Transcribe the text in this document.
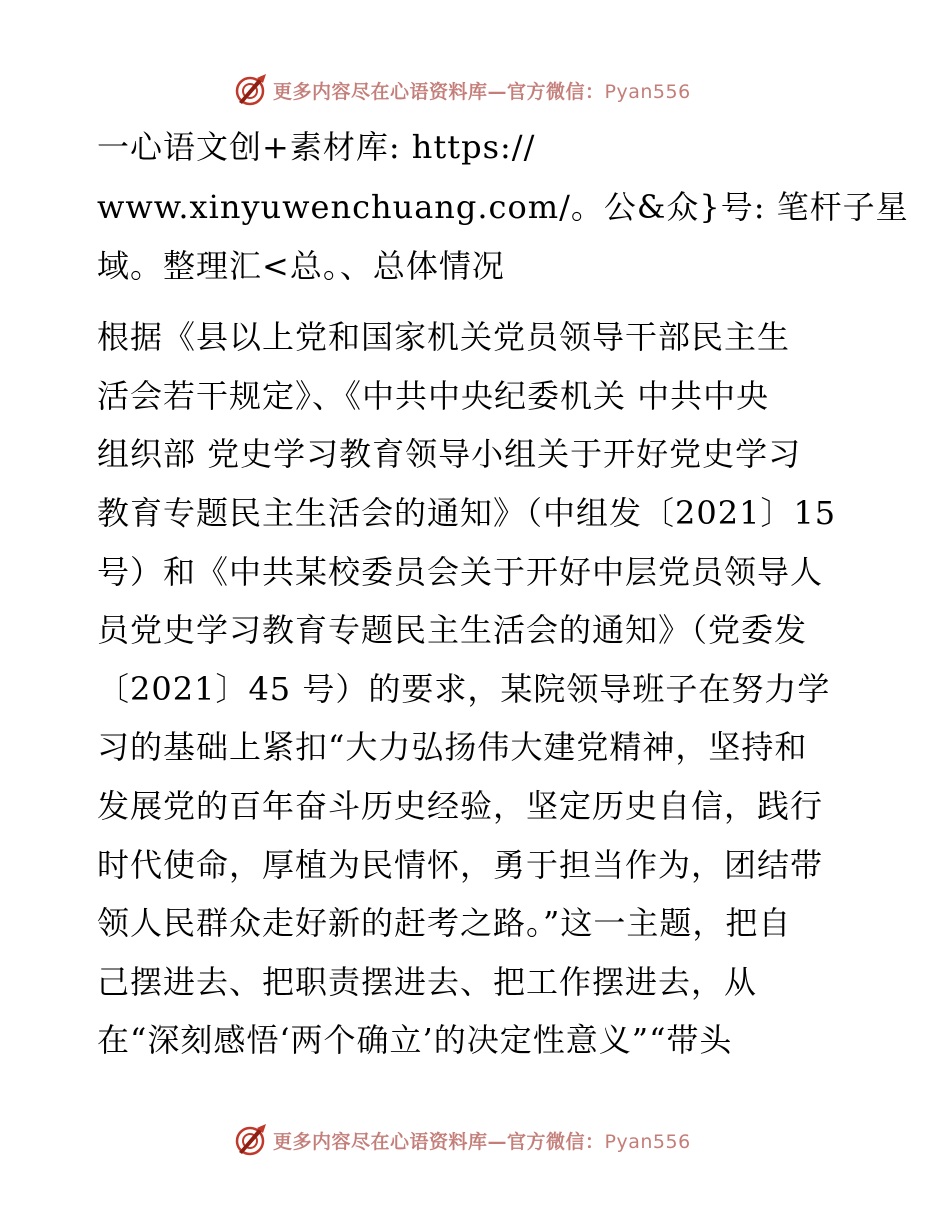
更多内容尽在心语资料库—官方微信：Pyan556
一心语文创+素材库: https://
www.xinyuwenchuang.com/。公&众}号: 笔杆子星
域。整理汇<总。、总体情况
根据《县以上党和国家机关党员领导干部民主生
活会若干规定》、《中共中央纪委机关 中共中央
组织部 党史学习教育领导小组关于开好党史学习
教育专题民主生活会的通知》（中组发〔2021〕15
号）和《中共某校委员会关于开好中层党员领导人
员党史学习教育专题民主生活会的通知》（党委发
〔2021〕45 号）的要求，某院领导班子在努力学
习的基础上紧扣“大力弘扬伟大建党精神，坚持和
发展党的百年奋斗历史经验，坚定历史自信，践行
时代使命，厚植为民情怀，勇于担当作为，团结带
领人民群众走好新的赶考之路。”这一主题，把自
己摆进去、把职责摆进去、把工作摆进去，从
在“深刻感悟‘两个确立’的决定性意义”“带头
更多内容尽在心语资料库—官方微信：Pyan556
